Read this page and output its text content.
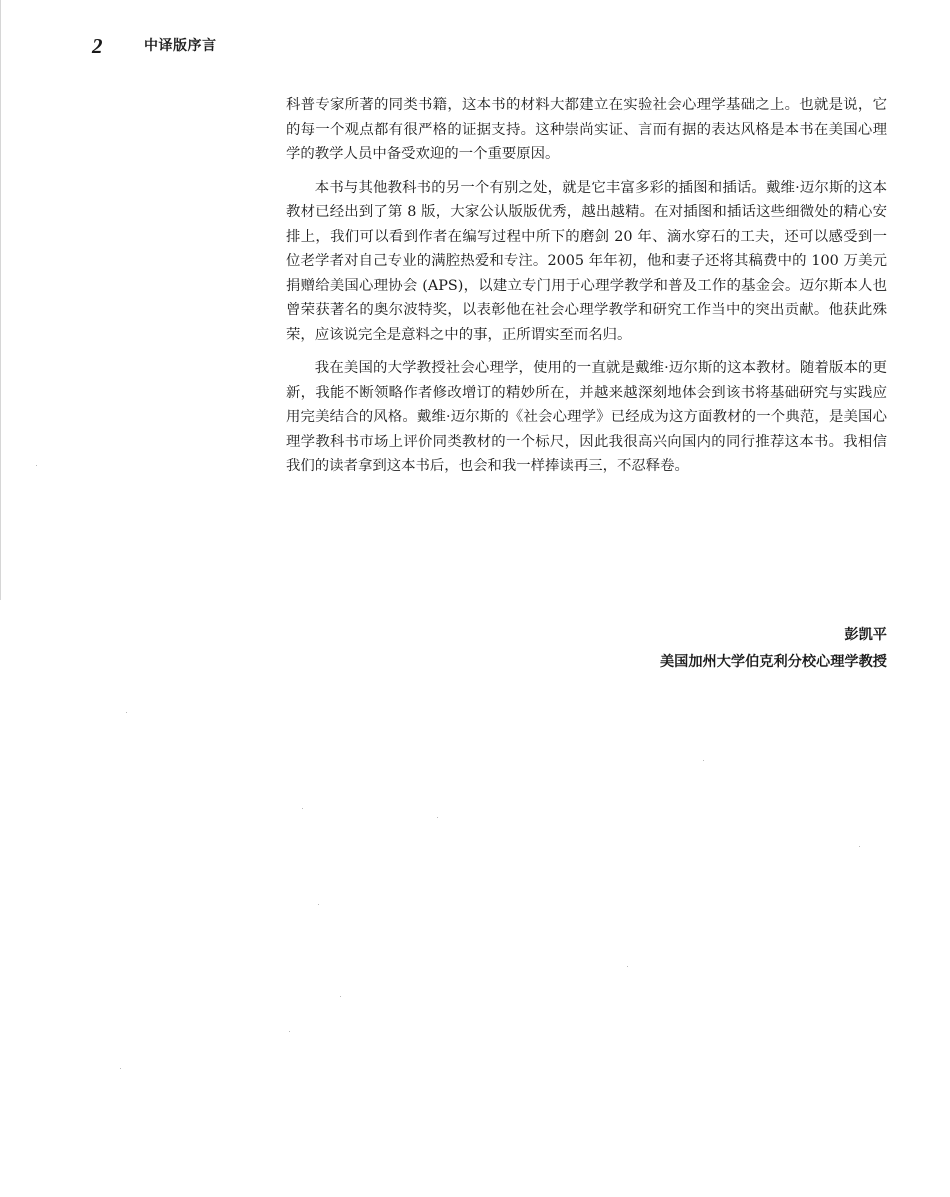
2	中译版序言

科普专家所著的同类书籍，这本书的材料大都建立在实验社会心理学基础之上。也就是说，它的每一个观点都有很严格的证据支持。这种崇尚实证、言而有据的表达风格是本书在美国心理学的教学人员中备受欢迎的一个重要原因。

本书与其他教科书的另一个有别之处，就是它丰富多彩的插图和插话。戴维·迈尔斯的这本教材已经出到了第 8 版，大家公认版版优秀，越出越精。在对插图和插话这些细微处的精心安排上，我们可以看到作者在编写过程中所下的磨剑 20 年、滴水穿石的工夫，还可以感受到一位老学者对自己专业的满腔热爱和专注。2005 年年初，他和妻子还将其稿费中的 100 万美元捐赠给美国心理协会 (APS)，以建立专门用于心理学教学和普及工作的基金会。迈尔斯本人也曾荣获著名的奥尔波特奖，以表彰他在社会心理学教学和研究工作当中的突出贡献。他获此殊荣，应该说完全是意料之中的事，正所谓实至而名归。

我在美国的大学教授社会心理学，使用的一直就是戴维·迈尔斯的这本教材。随着版本的更新，我能不断领略作者修改增订的精妙所在，并越来越深刻地体会到该书将基础研究与实践应用完美结合的风格。戴维·迈尔斯的《社会心理学》已经成为这方面教材的一个典范，是美国心理学教科书市场上评价同类教材的一个标尺，因此我很高兴向国内的同行推荐这本书。我相信我们的读者拿到这本书后，也会和我一样捧读再三，不忍释卷。

彭凯平
美国加州大学伯克利分校心理学教授
